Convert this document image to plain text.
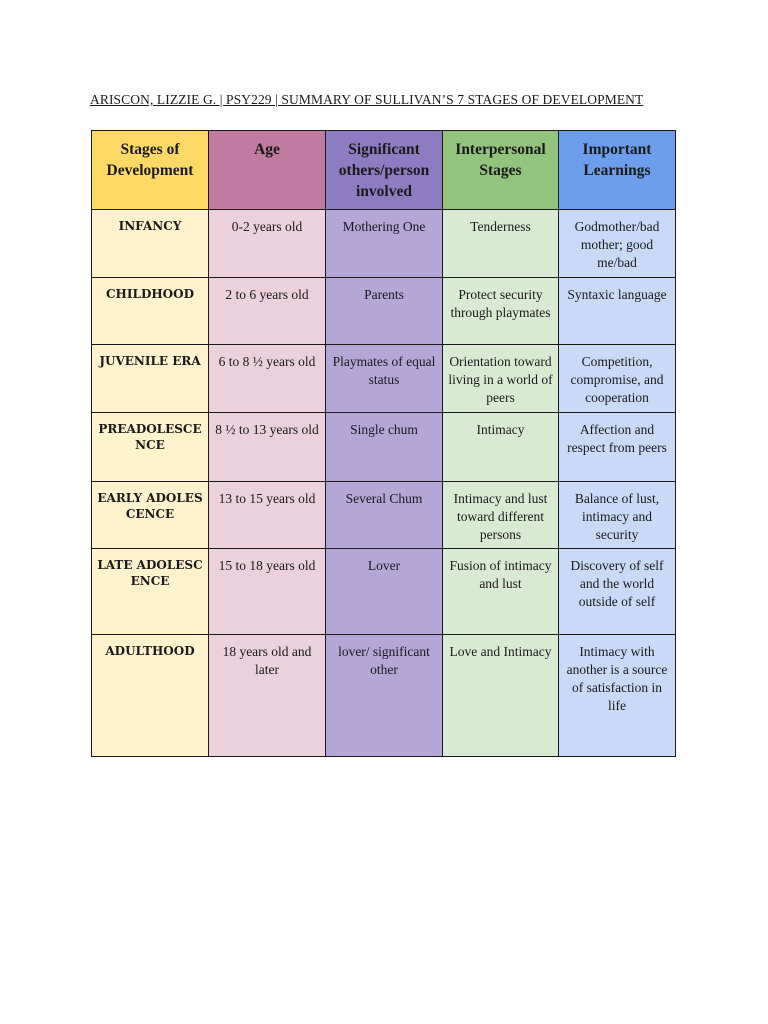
ARISCON, LIZZIE G. | PSY229 | SUMMARY OF SULLIVAN’S 7 STAGES OF DEVELOPMENT
Stages of Development	Age	Significant others/person involved	Interpersonal Stages	Important Learnings
INFANCY	0-2 years old	Mothering One	Tenderness	Godmother/bad mother; good me/bad
CHILDHOOD	2 to 6 years old	Parents	Protect security through playmates	Syntaxic language
JUVENILE ERA	6 to 8 ½ years old	Playmates of equal status	Orientation toward living in a world of peers	Competition, compromise, and cooperation
PREADOLESCENCE	8 ½ to 13 years old	Single chum	Intimacy	Affection and respect from peers
EARLY ADOLESCENCE	13 to 15 years old	Several Chum	Intimacy and lust toward different persons	Balance of lust, intimacy and security
LATE ADOLESCENCE	15 to 18 years old	Lover	Fusion of intimacy and lust	Discovery of self and the world outside of self
ADULTHOOD	18 years old and later	lover/ significant other	Love and Intimacy	Intimacy with another is a source of satisfaction in life
